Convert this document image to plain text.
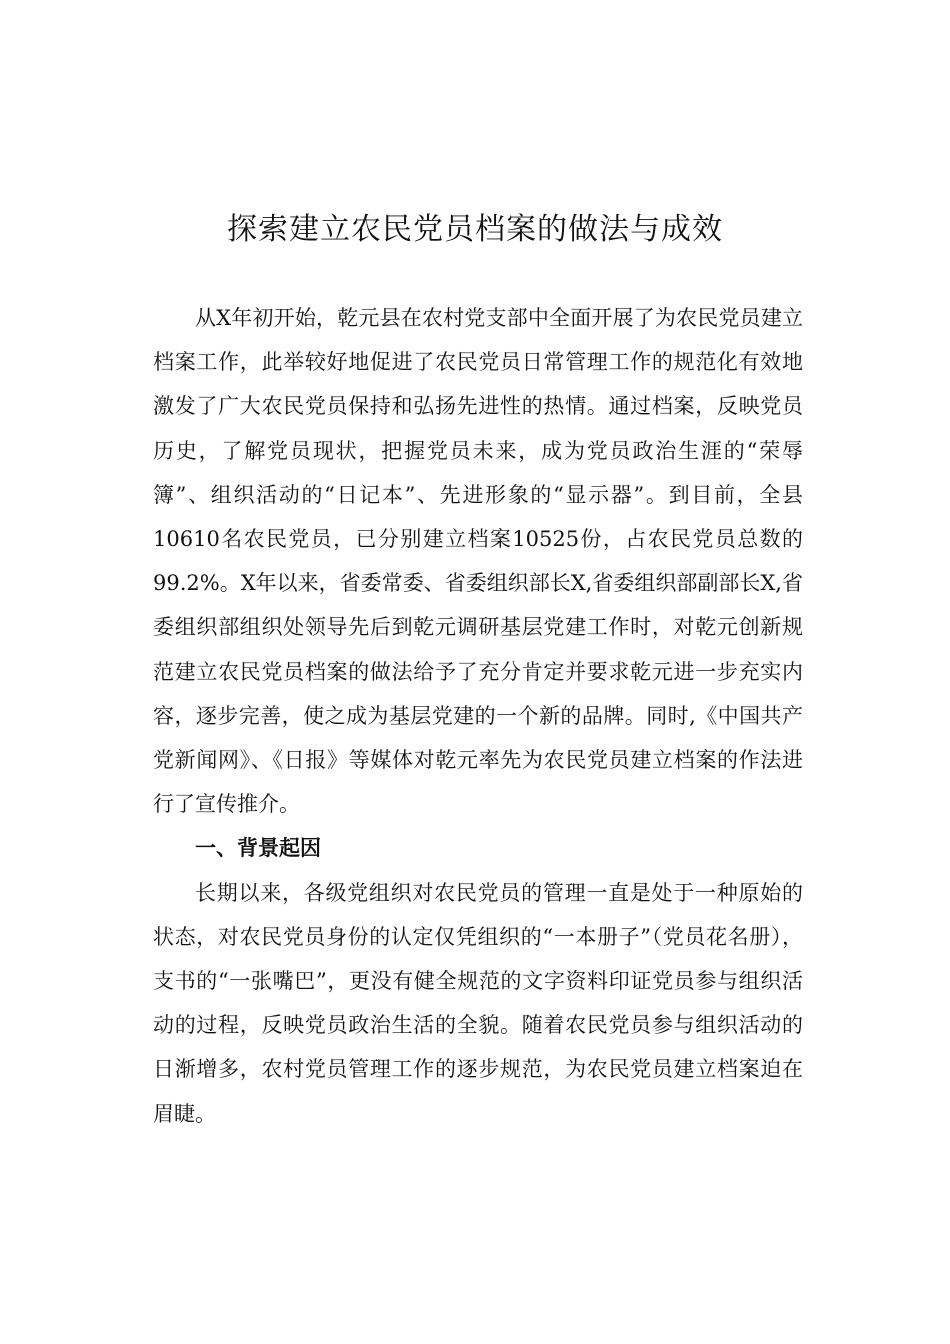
探索建立农民党员档案的做法与成效

从X年初开始，乾元县在农村党支部中全面开展了为农民党员建立档案工作，此举较好地促进了农民党员日常管理工作的规范化有效地激发了广大农民党员保持和弘扬先进性的热情。通过档案，反映党员历史，了解党员现状，把握党员未来，成为党员政治生涯的“荣辱簿”、组织活动的“日记本”、先进形象的“显示器”。到目前，全县10610名农民党员，已分别建立档案10525份，占农民党员总数的99.2%。X年以来，省委常委、省委组织部长X,省委组织部副部长X,省委组织部组织处领导先后到乾元调研基层党建工作时，对乾元创新规范建立农民党员档案的做法给予了充分肯定并要求乾元进一步充实内容，逐步完善，使之成为基层党建的一个新的品牌。同时,《中国共产党新闻网》、《日报》等媒体对乾元率先为农民党员建立档案的作法进行了宣传推介。

一、背景起因

长期以来，各级党组织对农民党员的管理一直是处于一种原始的状态，对农民党员身份的认定仅凭组织的“一本册子”（党员花名册），支书的“一张嘴巴”，更没有健全规范的文字资料印证党员参与组织活动的过程，反映党员政治生活的全貌。随着农民党员参与组织活动的日渐增多，农村党员管理工作的逐步规范，为农民党员建立档案迫在眉睫。
